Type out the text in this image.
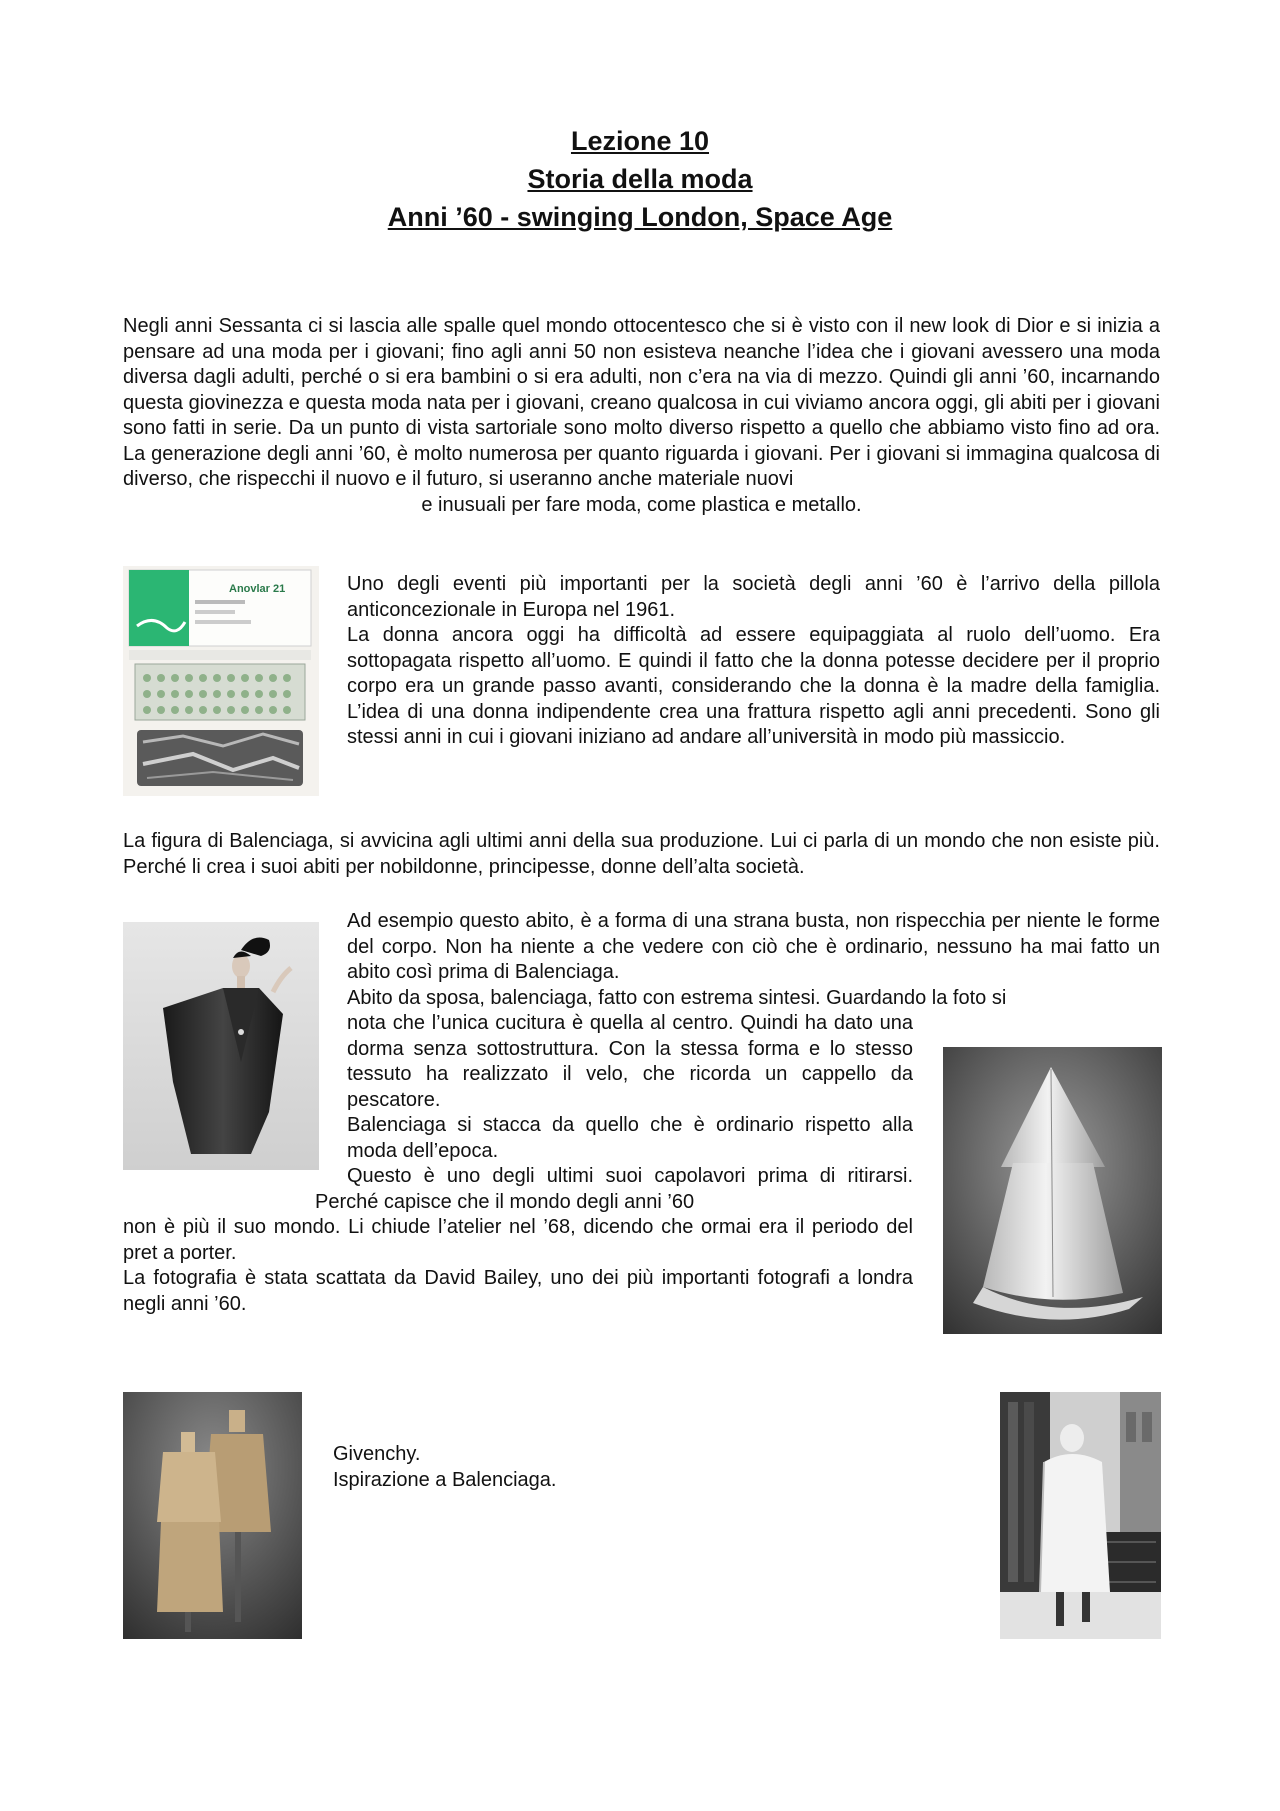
Lezione 10
Storia della moda
Anni ’60 - swinging London, Space Age

Negli anni Sessanta ci si lascia alle spalle quel mondo ottocentesco che si è visto con il new look di Dior e si inizia a pensare ad una moda per i giovani; fino agli anni 50 non esisteva neanche l’idea che i giovani avessero una moda diversa dagli adulti, perché o si era bambini o si era adulti, non c’era na via di mezzo. Quindi gli anni ’60, incarnando questa giovinezza e questa moda nata per i giovani, creano qualcosa in cui viviamo ancora oggi, gli abiti per i giovani sono fatti in serie. Da un punto di vista sartoriale sono molto diverso rispetto a quello che abbiamo visto fino ad ora. La generazione degli anni ’60, è molto numerosa per quanto riguarda i giovani. Per i giovani si immagina qualcosa di diverso, che rispecchi il nuovo e il futuro, si useranno anche materiale nuovi

e inusuali per fare moda, come plastica e metallo.

Anovlar 21	Uno degli eventi più importanti per la società degli anni ’60 è l’arrivo della pillola anticoncezionale in Europa nel 1961.
La donna ancora oggi ha difficoltà ad essere equipaggiata al ruolo dell’uomo. Era sottopagata rispetto all’uomo. E quindi il fatto che la donna potesse decidere per il proprio corpo era un grande passo avanti, considerando che la donna è la madre della famiglia. L’idea di una donna indipendente crea una frattura rispetto agli anni precedenti. Sono gli stessi anni in cui i giovani iniziano ad andare all’università in modo più massiccio.

La figura di Balenciaga, si avvicina agli ultimi anni della sua produzione. Lui ci parla di un mondo che non esiste più. Perché li crea i suoi abiti per nobildonne, principesse, donne dell’alta società.

Ad esempio questo abito, è a forma di una strana busta, non rispecchia per niente le forme del corpo. Non ha niente a che vedere con ciò che è ordinario, nessuno ha mai fatto un abito così prima di Balenciaga.

Abito da sposa, balenciaga, fatto con estrema sintesi. Guardando la foto si

nota che l’unica cucitura è quella al centro. Quindi ha dato una dorma senza sottostruttura. Con la stessa forma e lo stesso tessuto ha realizzato il velo, che ricorda un cappello da pescatore.
Balenciaga si stacca da quello che è ordinario rispetto alla moda dell’epoca.

Questo è uno degli ultimi suoi capolavori prima di ritirarsi. Perché capisce che il mondo degli anni ’60

non è più il suo mondo. Li chiude l’atelier nel ’68, dicendo che ormai era il periodo del pret a porter.
La fotografia è stata scattata da David Bailey, uno dei più importanti fotografi a londra negli anni ’60.

Givenchy.

Ispirazione a Balenciaga.
